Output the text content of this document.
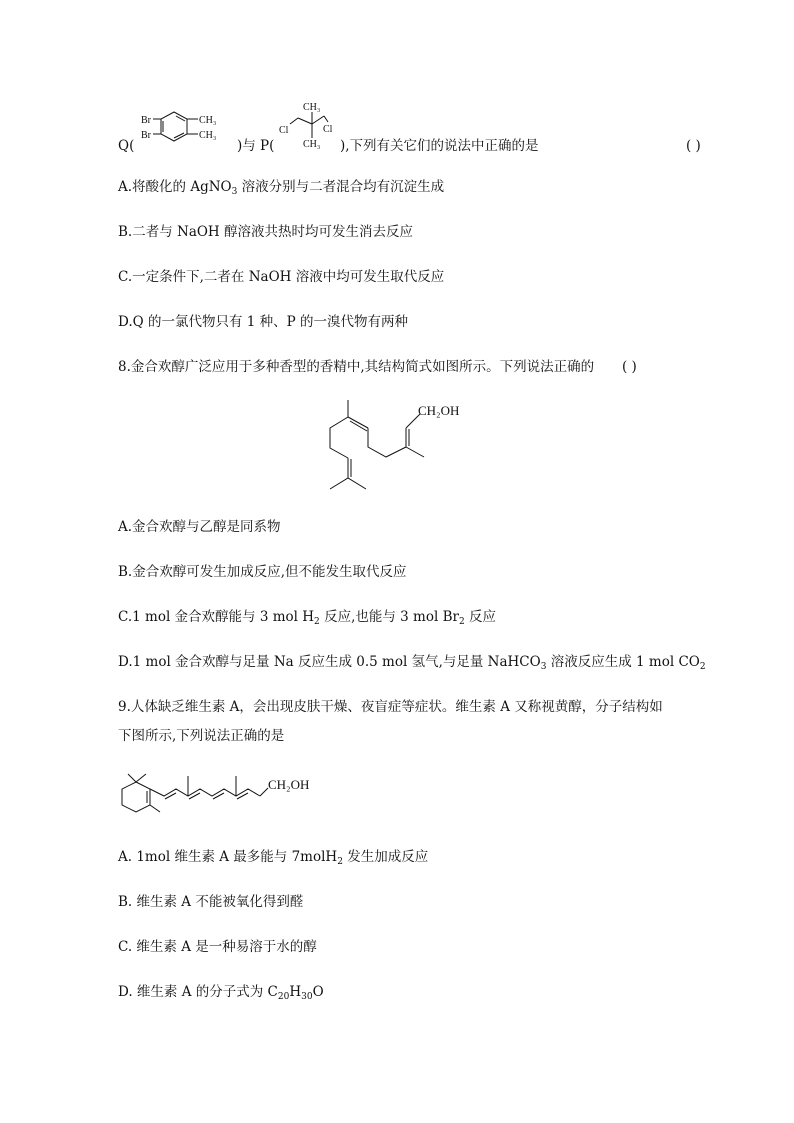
Q(
Br
Br
CH₃
CH₃
)与 P(
CH₃
Cl	Cl
CH₃ ),下列有关它们的说法中正确的是	( )
A.将酸化的 AgNO$_3$ 溶液分别与二者混合均有沉淀生成
B.二者与 NaOH 醇溶液共热时均可发生消去反应
C.一定条件下,二者在 NaOH 溶液中均可发生取代反应
D.Q 的一氯代物只有 1 种、P 的一溴代物有两种
8.金合欢醇广泛应用于多种香型的香精中,其结构简式如图所示。下列说法正确的 ( )
CH₂OH
A.金合欢醇与乙醇是同系物
B.金合欢醇可发生加成反应,但不能发生取代反应
C.1 mol 金合欢醇能与 3 mol $H_2$ 反应,也能与 3 mol $Br_2$ 反应
D.1 mol 金合欢醇与足量 Na 反应生成 0.5 mol 氢气,与足量 NaHCO$_3$ 溶液反应生成 1 mol $CO_2$
9.人体缺乏维生素 A，会出现皮肤干燥、夜盲症等症状。维生素 A 又称视黄醇，分子结构如
下图所示,下列说法正确的是
CH₂OH
A. 1mol 维生素 A 最多能与 7molH$_2$ 发生加成反应
B. 维生素 A 不能被氧化得到醛
C. 维生素 A 是一种易溶于水的醇
D. 维生素 A 的分子式为 $C_{20}H_{30}O$
